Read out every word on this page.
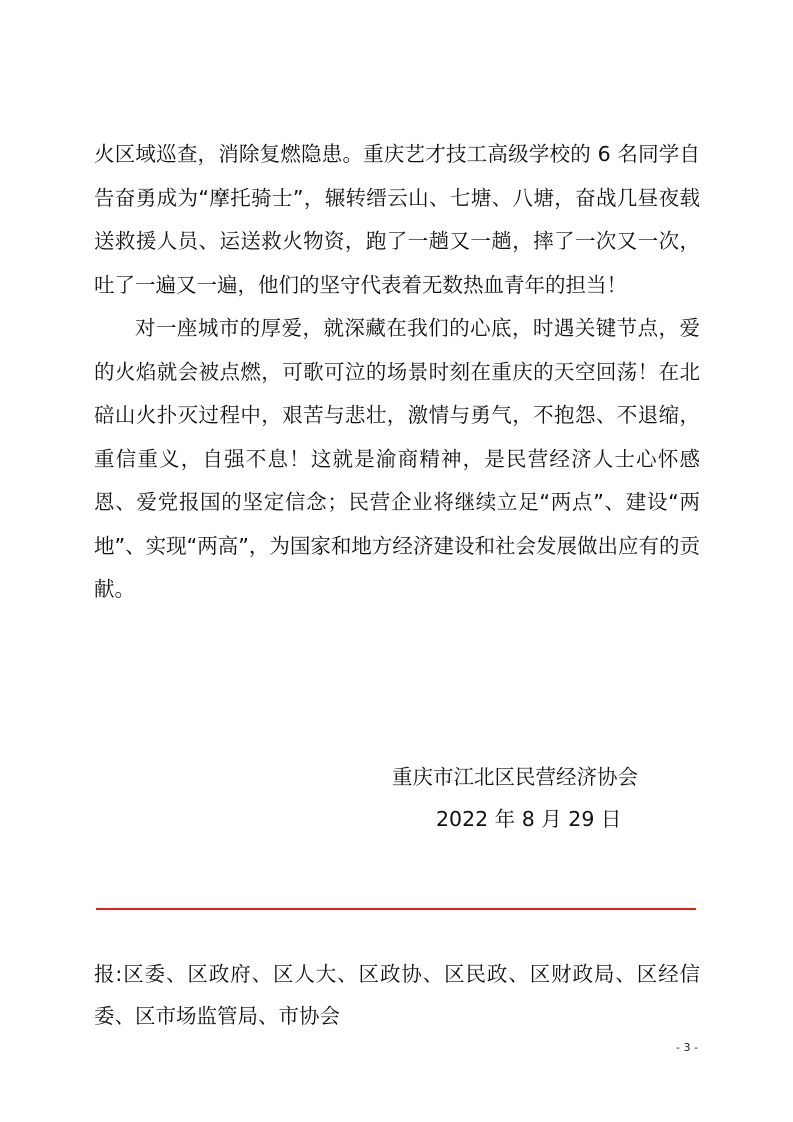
火区域巡查，消除复燃隐患。重庆艺才技工高级学校的 6 名同学自告奋勇成为“摩托骑士”，辗转缙云山、七塘、八塘，奋战几昼夜载送救援人员、运送救火物资，跑了一趟又一趟，摔了一次又一次，吐了一遍又一遍，他们的坚守代表着无数热血青年的担当！

对一座城市的厚爱，就深藏在我们的心底，时遇关键节点，爱的火焰就会被点燃，可歌可泣的场景时刻在重庆的天空回荡！在北碚山火扑灭过程中，艰苦与悲壮，激情与勇气，不抱怨、不退缩，重信重义，自强不息！这就是渝商精神，是民营经济人士心怀感恩、爱党报国的坚定信念；民营企业将继续立足“两点”、建设“两地”、实现“两高”，为国家和地方经济建设和社会发展做出应有的贡献。

重庆市江北区民营经济协会
2022 年 8 月 29 日
报:区委、区政府、区人大、区政协、区民政、区财政局、区经信委、区市场监管局、市协会
- 3 -
